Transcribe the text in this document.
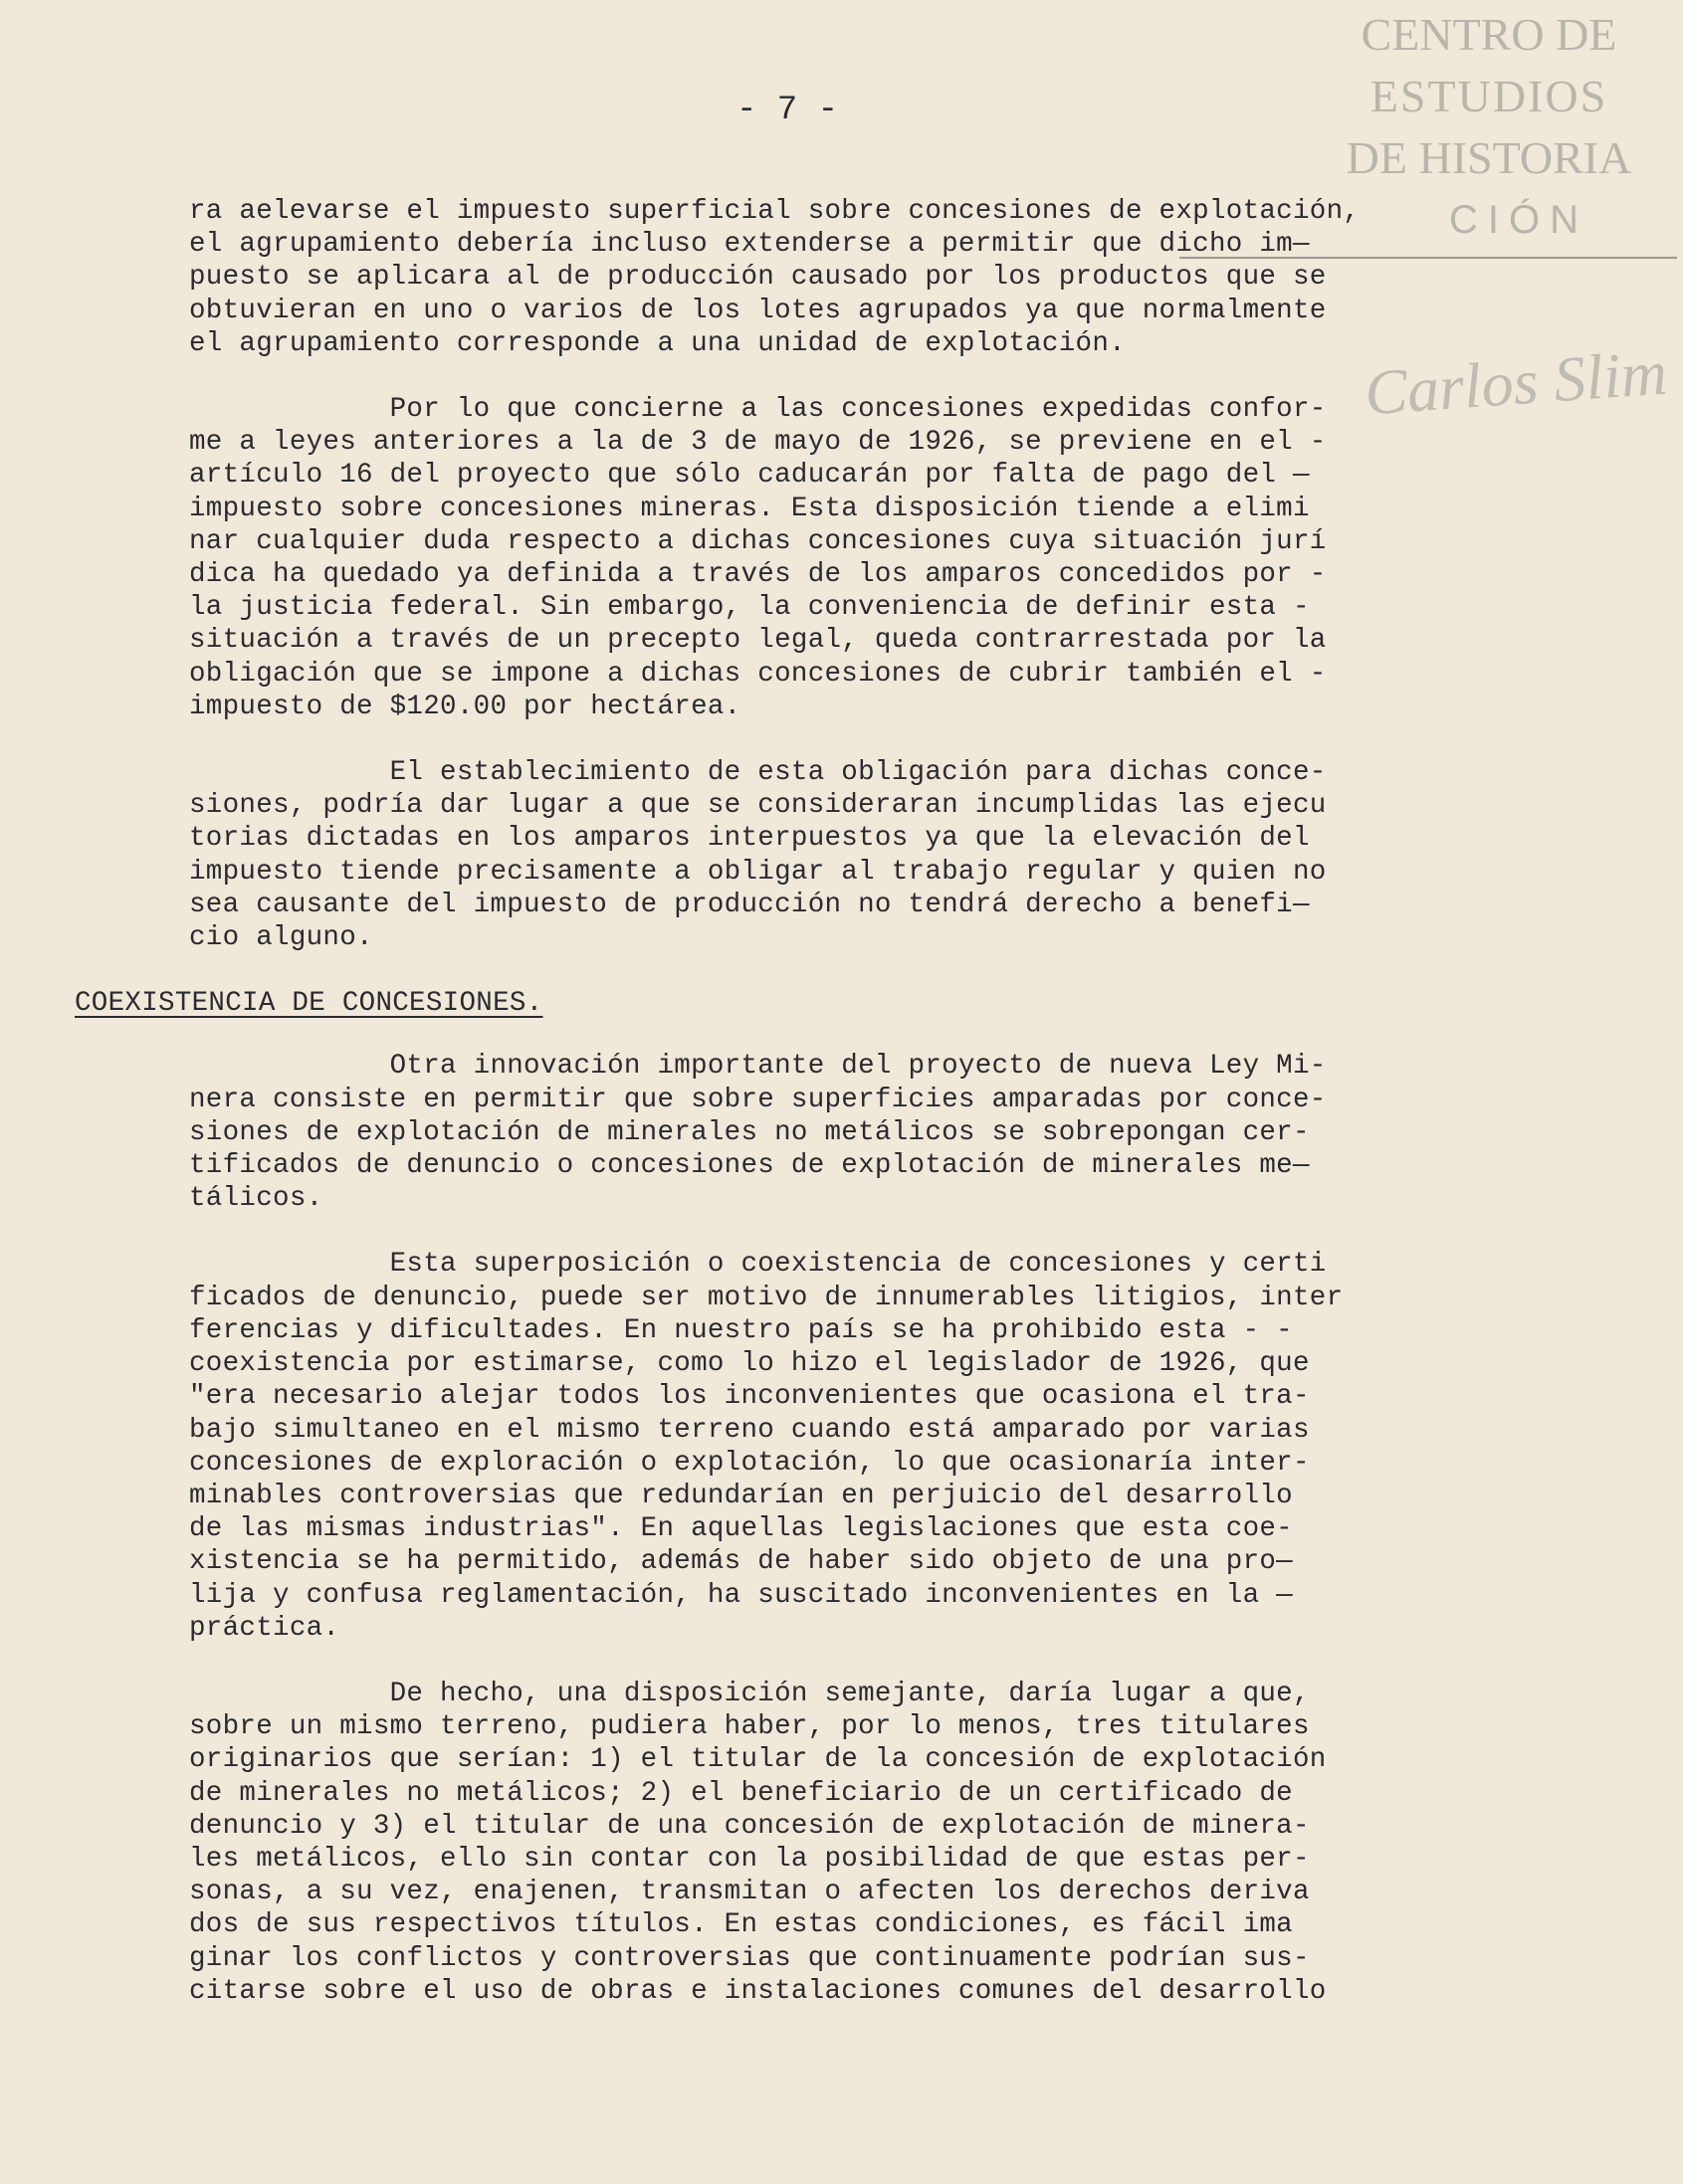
CENTRO DE
ESTUDIOS
DE HISTORIA
CIÓN
Carlos Slim
- 7 -
ra aelevarse el impuesto superficial sobre concesiones de explotación,
el agrupamiento debería incluso extenderse a permitir que dicho im—
puesto se aplicara al de producción causado por los productos que se
obtuvieran en uno o varios de los lotes agrupados ya que normalmente
el agrupamiento corresponde a una unidad de explotación.
Por lo que concierne a las concesiones expedidas confor-
me a leyes anteriores a la de 3 de mayo de 1926, se previene en el -
artículo 16 del proyecto que sólo caducarán por falta de pago del —
impuesto sobre concesiones mineras. Esta disposición tiende a elimi
nar cualquier duda respecto a dichas concesiones cuya situación jurí
dica ha quedado ya definida a través de los amparos concedidos por -
la justicia federal. Sin embargo, la conveniencia de definir esta -
situación a través de un precepto legal, queda contrarrestada por la
obligación que se impone a dichas concesiones de cubrir también el -
impuesto de $120.00 por hectárea.
El establecimiento de esta obligación para dichas conce-
siones, podría dar lugar a que se consideraran incumplidas las ejecu
torias dictadas en los amparos interpuestos ya que la elevación del
impuesto tiende precisamente a obligar al trabajo regular y quien no
sea causante del impuesto de producción no tendrá derecho a benefi—
cio alguno.
COEXISTENCIA DE CONCESIONES.
Otra innovación importante del proyecto de nueva Ley Mi-
nera consiste en permitir que sobre superficies amparadas por conce-
siones de explotación de minerales no metálicos se sobrepongan cer-
tificados de denuncio o concesiones de explotación de minerales me—
tálicos.
Esta superposición o coexistencia de concesiones y certi
ficados de denuncio, puede ser motivo de innumerables litigios, inter
ferencias y dificultades. En nuestro país se ha prohibido esta - -
coexistencia por estimarse, como lo hizo el legislador de 1926, que
"era necesario alejar todos los inconvenientes que ocasiona el tra-
bajo simultaneo en el mismo terreno cuando está amparado por varias
concesiones de exploración o explotación, lo que ocasionaría inter-
minables controversias que redundarían en perjuicio del desarrollo
de las mismas industrias". En aquellas legislaciones que esta coe-
xistencia se ha permitido, además de haber sido objeto de una pro—
lija y confusa reglamentación, ha suscitado inconvenientes en la —
práctica.
De hecho, una disposición semejante, daría lugar a que,
sobre un mismo terreno, pudiera haber, por lo menos, tres titulares
originarios que serían: 1) el titular de la concesión de explotación
de minerales no metálicos; 2) el beneficiario de un certificado de
denuncio y 3) el titular de una concesión de explotación de minera-
les metálicos, ello sin contar con la posibilidad de que estas per-
sonas, a su vez, enajenen, transmitan o afecten los derechos deriva
dos de sus respectivos títulos. En estas condiciones, es fácil ima
ginar los conflictos y controversias que continuamente podrían sus-
citarse sobre el uso de obras e instalaciones comunes del desarrollo
